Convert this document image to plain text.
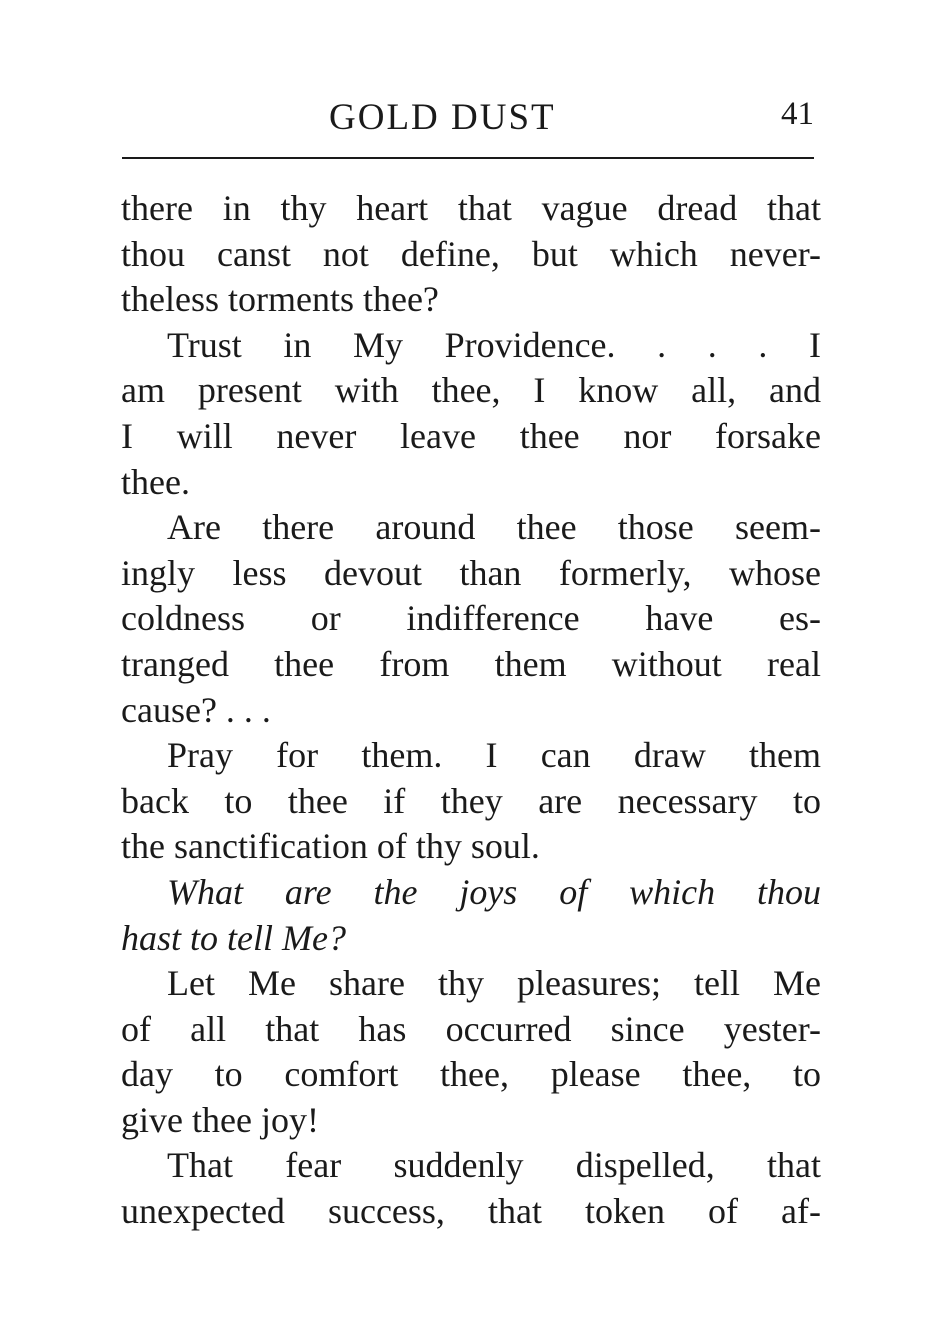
GOLD DUST	41
there in thy heart that vague dread that
thou canst not define, but which never-
theless torments thee?
Trust in My Providence. . . . I
am present with thee, I know all, and
I will never leave thee nor forsake
thee.
Are there around thee those seem-
ingly less devout than formerly, whose
coldness or indifference have es-
tranged thee from them without real
cause? . . .
Pray for them. I can draw them
back to thee if they are necessary to
the sanctification of thy soul.
What are the joys of which thou
hast to tell Me?
Let Me share thy pleasures; tell Me
of all that has occurred since yester-
day to comfort thee, please thee, to
give thee joy!
That fear suddenly dispelled, that
unexpected success, that token of af-
